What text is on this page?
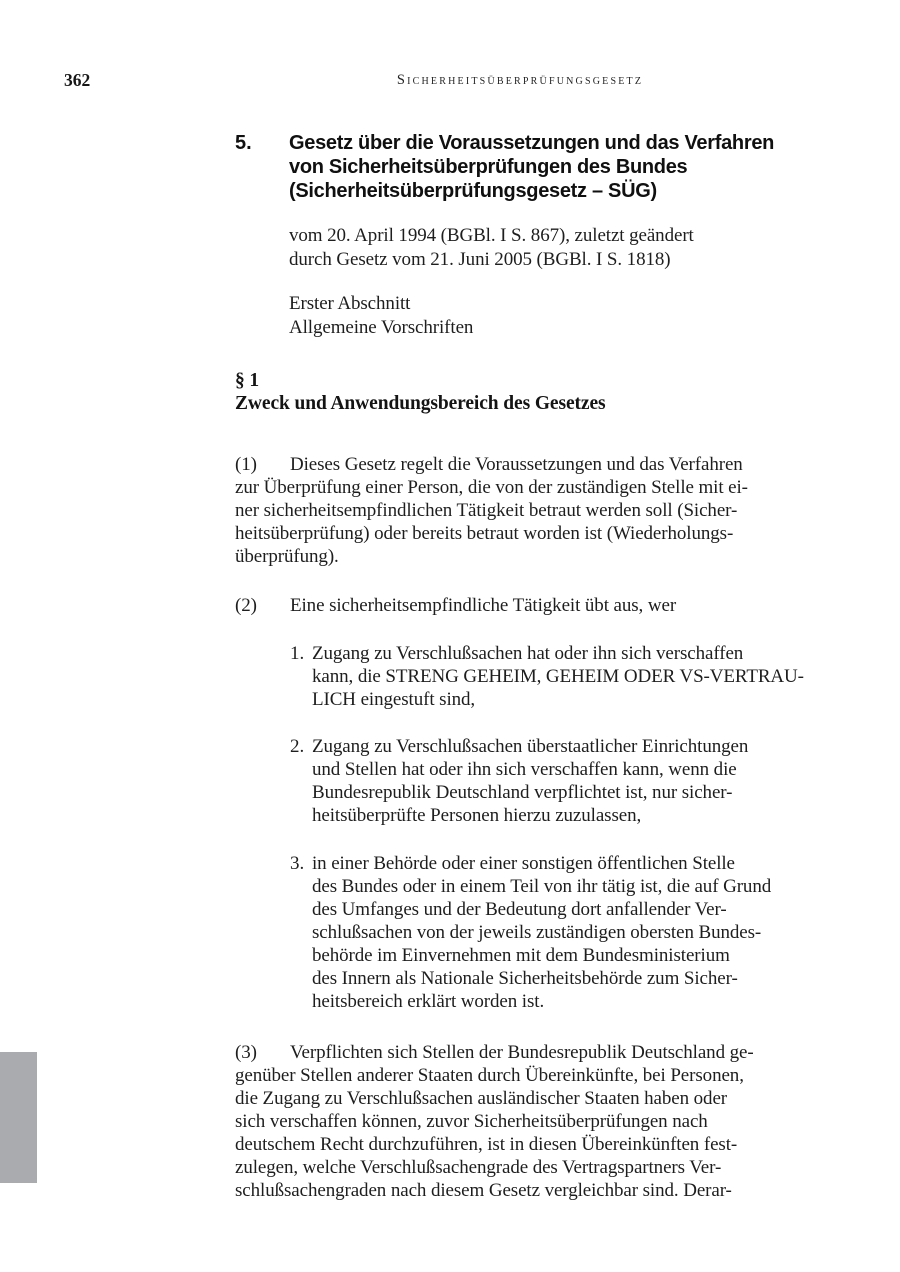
362	Sicherheitsüberprüfungsgesetz
5.	Gesetz über die Voraussetzungen und das Verfahren
von Sicherheitsüberprüfungen des Bundes
(Sicherheitsüberprüfungsgesetz – SÜG)
vom 20. April 1994 (BGBl. I S. 867), zuletzt geändert
durch Gesetz vom 21. Juni 2005 (BGBl. I S. 1818)
Erster Abschnitt
Allgemeine Vorschriften
§ 1
Zweck und Anwendungsbereich des Gesetzes
(1)	Dieses Gesetz regelt die Voraussetzungen und das Verfahren
zur Überprüfung einer Person, die von der zuständigen Stelle mit ei-
ner sicherheitsempfindlichen Tätigkeit betraut werden soll (Sicher-
heitsüberprüfung) oder bereits betraut worden ist (Wiederholungs-
überprüfung).
(2)	Eine sicherheitsempfindliche Tätigkeit übt aus, wer
1. Zugang zu Verschlußsachen hat oder ihn sich verschaffen
kann, die STRENG GEHEIM, GEHEIM ODER VS-VERTRAU-
LICH eingestuft sind,
2. Zugang zu Verschlußsachen überstaatlicher Einrichtungen
und Stellen hat oder ihn sich verschaffen kann, wenn die
Bundesrepublik Deutschland verpflichtet ist, nur sicher-
heitsüberprüfte Personen hierzu zuzulassen,
3. in einer Behörde oder einer sonstigen öffentlichen Stelle
des Bundes oder in einem Teil von ihr tätig ist, die auf Grund
des Umfanges und der Bedeutung dort anfallender Ver-
schlußsachen von der jeweils zuständigen obersten Bundes-
behörde im Einvernehmen mit dem Bundesministerium
des Innern als Nationale Sicherheitsbehörde zum Sicher-
heitsbereich erklärt worden ist.
(3)	Verpflichten sich Stellen der Bundesrepublik Deutschland ge-
genüber Stellen anderer Staaten durch Übereinkünfte, bei Personen,
die Zugang zu Verschlußsachen ausländischer Staaten haben oder
sich verschaffen können, zuvor Sicherheitsüberprüfungen nach
deutschem Recht durchzuführen, ist in diesen Übereinkünften fest-
zulegen, welche Verschlußsachengrade des Vertragspartners Ver-
schlußsachengraden nach diesem Gesetz vergleichbar sind. Derar-
